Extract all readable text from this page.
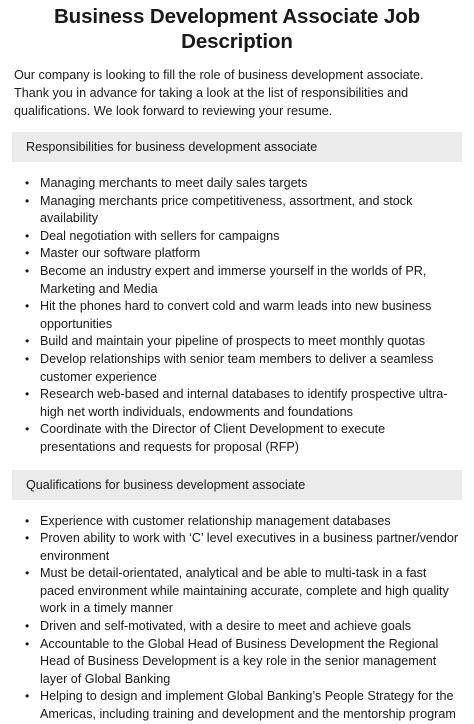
Business Development Associate Job Description

Our company is looking to fill the role of business development associate. Thank you in advance for taking a look at the list of responsibilities and qualifications. We look forward to reviewing your resume.

Responsibilities for business development associate
• Managing merchants to meet daily sales targets
• Managing merchants price competitiveness, assortment, and stock availability
• Deal negotiation with sellers for campaigns
• Master our software platform
• Become an industry expert and immerse yourself in the worlds of PR, Marketing and Media
• Hit the phones hard to convert cold and warm leads into new business opportunities
• Build and maintain your pipeline of prospects to meet monthly quotas
• Develop relationships with senior team members to deliver a seamless customer experience
• Research web-based and internal databases to identify prospective ultra-high net worth individuals, endowments and foundations
• Coordinate with the Director of Client Development to execute presentations and requests for proposal (RFP)
Qualifications for business development associate
• Experience with customer relationship management databases
• Proven ability to work with ‘C’ level executives in a business partner/vendor environment
• Must be detail-orientated, analytical and be able to multi-task in a fast paced environment while maintaining accurate, complete and high quality work in a timely manner
• Driven and self-motivated, with a desire to meet and achieve goals
• Accountable to the Global Head of Business Development the Regional Head of Business Development is a key role in the senior management layer of Global Banking
• Helping to design and implement Global Banking’s People Strategy for the Americas, including training and development and the mentorship program
